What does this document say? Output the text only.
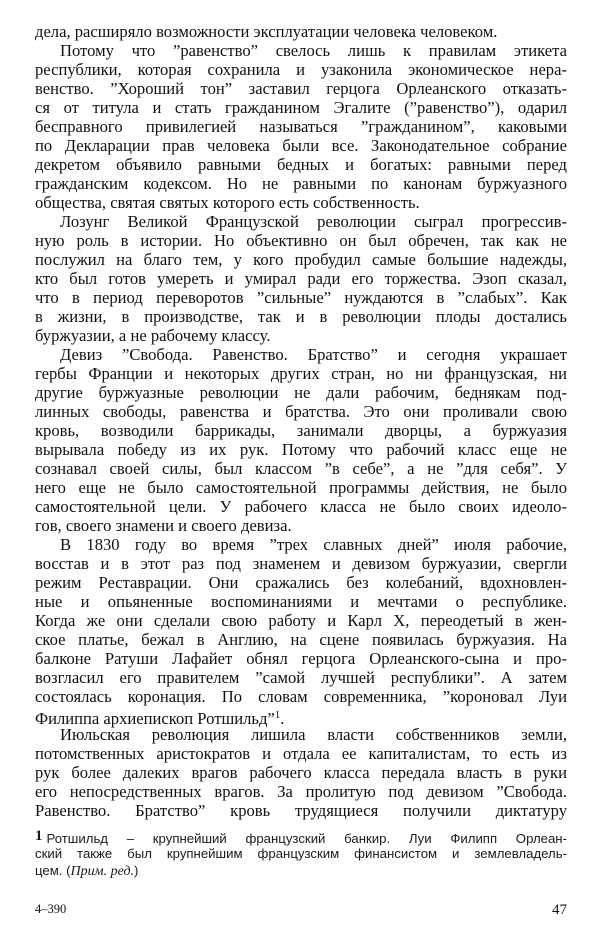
дела, расширяло возможности эксплуатации человека человеком.
Потому что ”равенство” свелось лишь к правилам этикета
республики, которая сохранила и узаконила экономическое нера-
венство. ”Хороший тон” заставил герцога Орлеанского отказать-
ся от титула и стать гражданином Эгалите (”равенство”), одарил
бесправного привилегией называться ”гражданином”, каковыми
по Декларации прав человека были все. Законодательное собрание
декретом объявило равными бедных и богатых: равными перед
гражданским кодексом. Но не равными по канонам буржуазного
общества, святая святых которого есть собственность.
Лозунг Великой Французской революции сыграл прогрессив-
ную роль в истории. Но объективно он был обречен, так как не
послужил на благо тем, у кого пробудил самые большие надежды,
кто был готов умереть и умирал ради его торжества. Эзоп сказал,
что в период переворотов ”сильные” нуждаются в ”слабых”. Как
в жизни, в производстве, так и в революции плоды достались
буржуазии, а не рабочему классу.
Девиз ”Свобода. Равенство. Братство” и сегодня украшает
гербы Франции и некоторых других стран, но ни французская, ни
другие буржуазные революции не дали рабочим, беднякам под-
линных свободы, равенства и братства. Это они проливали свою
кровь, возводили баррикады, занимали дворцы, а буржуазия
вырывала победу из их рук. Потому что рабочий класс еще не
сознавал своей силы, был классом ”в себе”, а не ”для себя”. У
него еще не было самостоятельной программы действия, не было
самостоятельной цели. У рабочего класса не было своих идеоло-
гов, своего знамени и своего девиза.
В 1830 году во время ”трех славных дней” июля рабочие,
восстав и в этот раз под знаменем и девизом буржуазии, свергли
режим Реставрации. Они сражались без колебаний, вдохновлен-
ные и опьяненные воспоминаниями и мечтами о республике.
Когда же они сделали свою работу и Карл X, переодетый в жен-
ское платье, бежал в Англию, на сцене появилась буржуазия. На
балконе Ратуши Лафайет обнял герцога Орлеанского-сына и про-
возгласил его правителем ”самой лучшей республики”. А затем
состоялась коронация. По словам современника, ”короновал Луи
Филиппа архиепископ Ротшильд”$^1$.
Июльская революция лишила власти собственников земли,
потомственных аристократов и отдала ее капиталистам, то есть из
рук более далеких врагов рабочего класса передала власть в руки
его непосредственных врагов. За пролитую под девизом ”Свобода.
Равенство. Братство” кровь трудящиеся получили диктатуру
1 Ротшильд – крупнейший французский банкир. Луи Филипп Орлеан-
ский также был крупнейшим французским финансистом и землевладель-
цем. (Прим. ред.)
4–390	47
